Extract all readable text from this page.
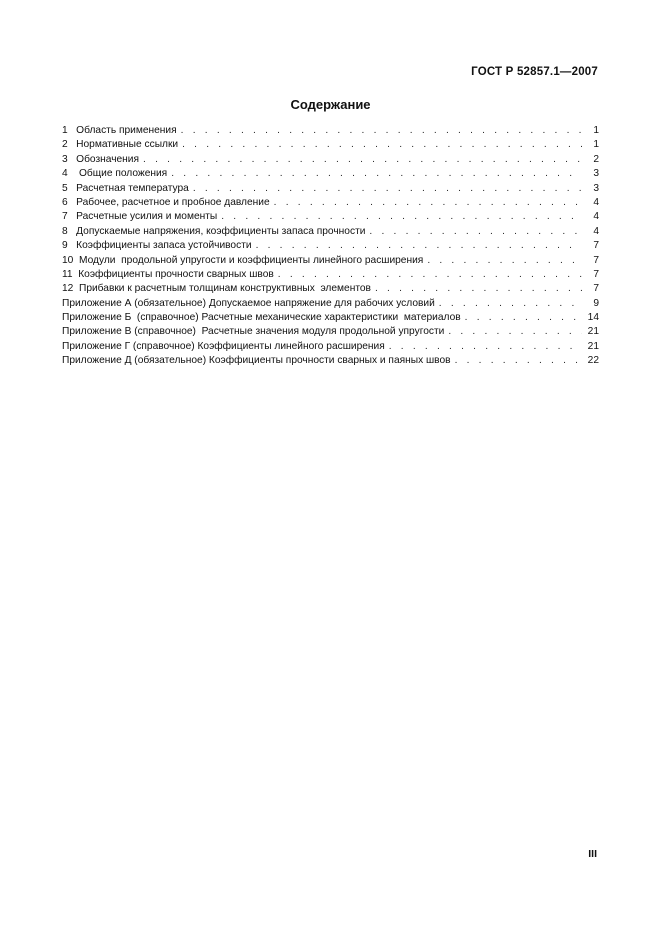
ГОСТ Р 52857.1—2007
Содержание
1   Область применения . . .	1
2   Нормативные ссылки . . .	1
3   Обозначения . . .	2
4    Общие положения . . .	3
5   Расчетная температура . . .	3
6   Рабочее, расчетное и пробное давление . . .	4
7   Расчетные усилия и моменты . . .	4
8   Допускаемые напряжения, коэффициенты запаса прочности . . .	4
9   Коэффициенты запаса устойчивости . . .	7
10  Модули  продольной упругости и коэффициенты линейного расширения . . .	7
11  Коэффициенты прочности сварных швов . . .	7
12  Прибавки к расчетным толщинам конструктивных  элементов . . .	7
Приложение А (обязательное) Допускаемое напряжение для рабочих условий . . .	9
Приложение Б  (справочное) Расчетные механические характеристики  материалов . . .	14
Приложение В (справочное)  Расчетные значения модуля продольной упругости . . .	21
Приложение Г (справочное) Коэффициенты линейного расширения . . .	21
Приложение Д (обязательное) Коэффициенты прочности сварных и паяных швов . . .	22
III
